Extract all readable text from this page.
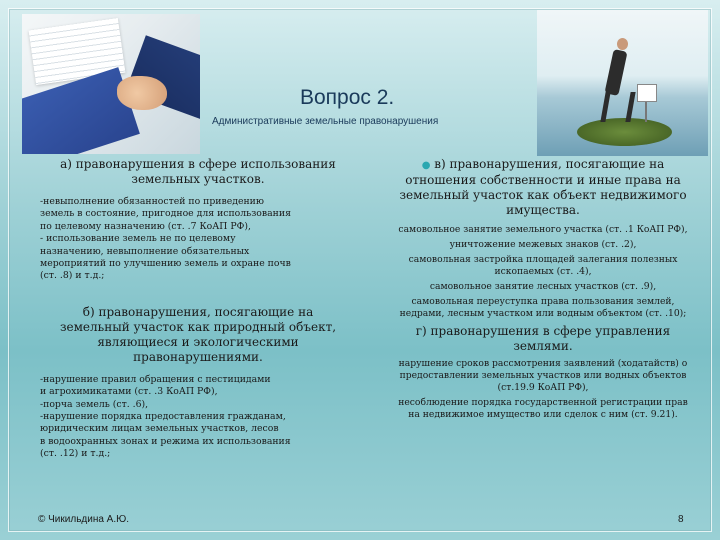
Вопрос 2.
Административные земельные правонарушения
а) правонарушения в сфере использования земельных участков.
-невыполнение обязанностей по приведению
земель в состояние, пригодное для использования
по целевому назначению (ст. .7 КоАП РФ),
- использование земель не по целевому
назначению, невыполнение обязательных
мероприятий по улучшению земель и охране почв
(ст. .8) и т.д.;
б) правонарушения, посягающие на земельный участок как природный объект, являющиеся и экологическими правонарушениями.
-нарушение правил обращения с пестицидами
и агрохимикатами (ст. .3 КоАП РФ),
-порча земель (ст. .6),
-нарушение порядка предоставления гражданам,
юридическим лицам земельных участков, лесов
в водоохранных зонах и режима их использования
(ст. .12) и т.д.;
● в) правонарушения, посягающие на отношения собственности и иные права на земельный участок как объект недвижимого имущества.
самовольное занятие земельного участка (ст. .1 КоАП РФ),
уничтожение межевых знаков (ст. .2),
самовольная застройка площадей залегания полезных ископаемых (ст. .4),
самовольное занятие лесных участков (ст. .9),
самовольная переуступка права пользования землей, недрами, лесным участком или водным объектом (ст. .10);
г) правонарушения в сфере управления землями.
нарушение сроков рассмотрения заявлений (ходатайств) о предоставлении земельных участков или водных объектов (ст.19.9 КоАП РФ),
несоблюдение порядка государственной регистрации прав на недвижимое имущество или сделок с ним (ст. 9.21).
© Чикильдина А.Ю.	8
